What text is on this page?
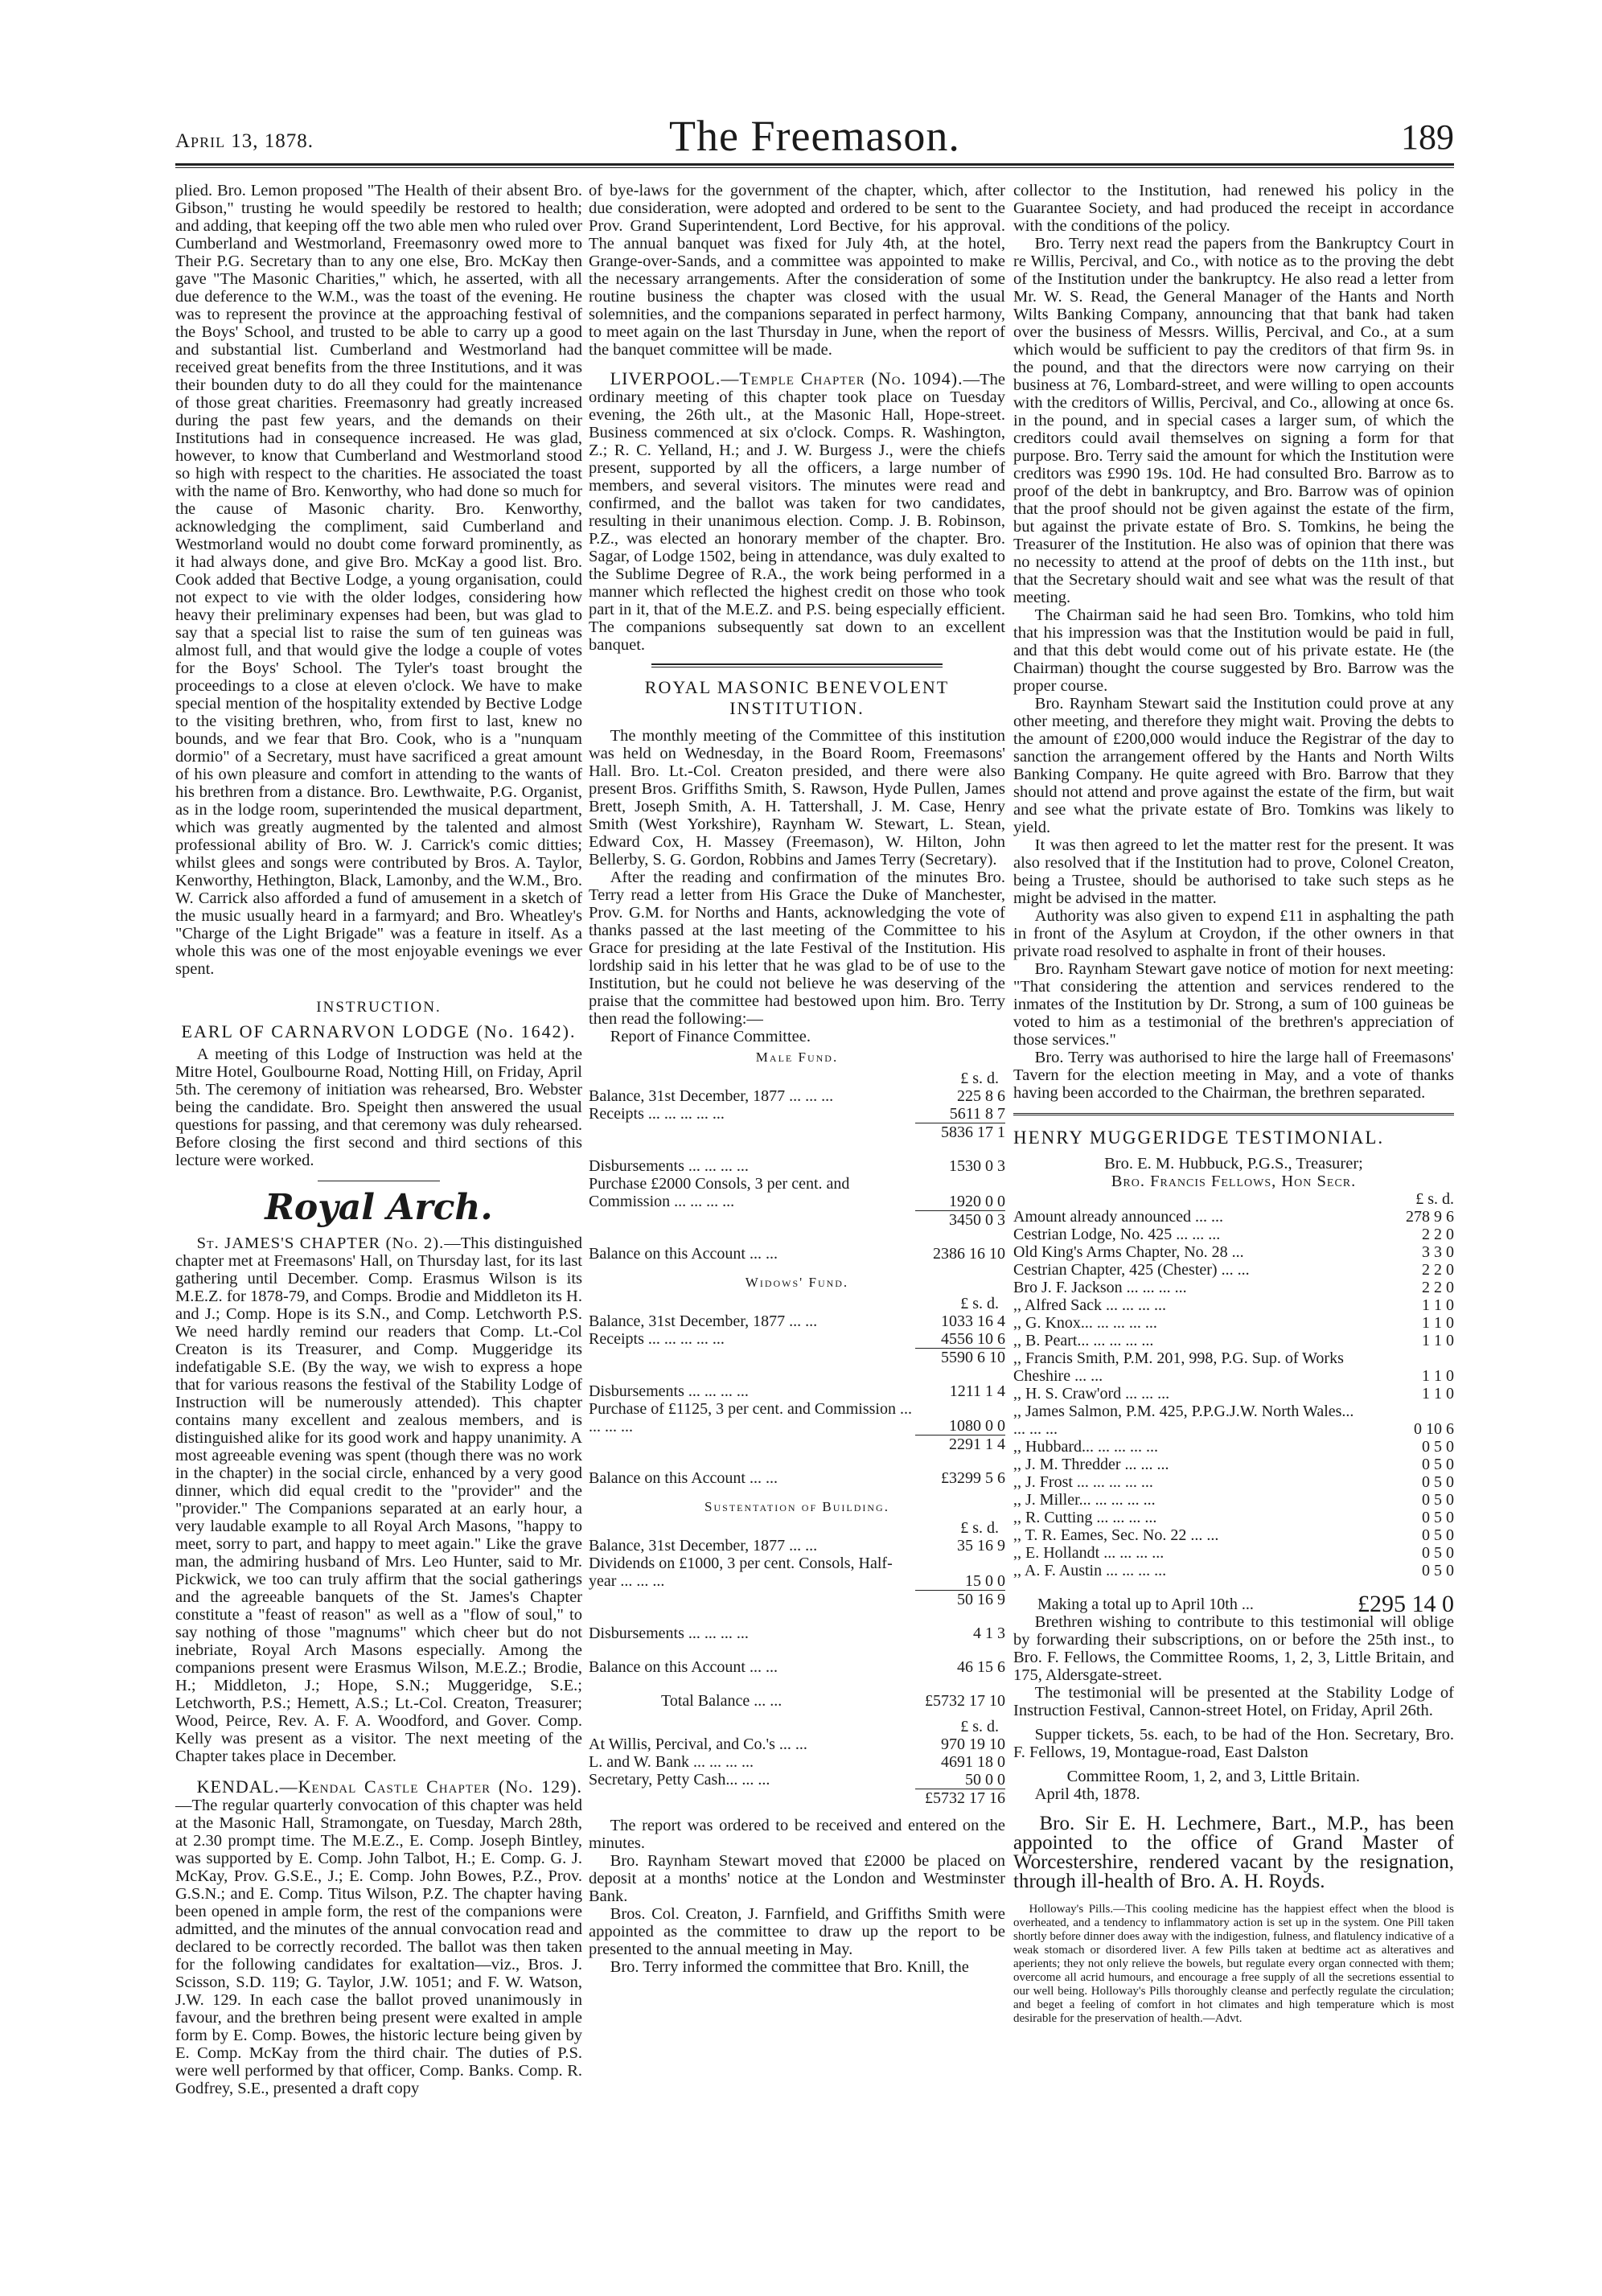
April 13, 1878.	The Freemason.	189

plied. Bro. Lemon proposed "The Health of their absent Bro. Gibson," trusting he would speedily be restored to health; and adding, that keeping off the two able men who ruled over Cumberland and Westmorland, Freemasonry owed more to Their P.G. Secretary than to any one else, Bro. McKay then gave "The Masonic Charities," which, he asserted, with all due deference to the W.M., was the toast of the evening. He was to represent the province at the approaching festival of the Boys' School, and trusted to be able to carry up a good and substantial list. Cumberland and Westmorland had received great benefits from the three Institutions, and it was their bounden duty to do all they could for the maintenance of those great charities. Freemasonry had greatly increased during the past few years, and the demands on their Institutions had in consequence increased. He was glad, however, to know that Cumberland and Westmorland stood so high with respect to the charities. He associated the toast with the name of Bro. Kenworthy, who had done so much for the cause of Masonic charity. Bro. Kenworthy, acknowledging the compliment, said Cumberland and Westmorland would no doubt come forward prominently, as it had always done, and give Bro. McKay a good list. Bro. Cook added that Bective Lodge, a young organisation, could not expect to vie with the older lodges, considering how heavy their preliminary expenses had been, but was glad to say that a special list to raise the sum of ten guineas was almost full, and that would give the lodge a couple of votes for the Boys' School. The Tyler's toast brought the proceedings to a close at eleven o'clock. We have to make special mention of the hospitality extended by Bective Lodge to the visiting brethren, who, from first to last, knew no bounds, and we fear that Bro. Cook, who is a "nunquam dormio" of a Secretary, must have sacrificed a great amount of his own pleasure and comfort in attending to the wants of his brethren from a distance. Bro. Lewthwaite, P.G. Organist, as in the lodge room, superintended the musical department, which was greatly augmented by the talented and almost professional ability of Bro. W. J. Carrick's comic ditties; whilst glees and songs were contributed by Bros. A. Taylor, Kenworthy, Hethington, Black, Lamonby, and the W.M., Bro. W. Carrick also afforded a fund of amusement in a sketch of the music usually heard in a farmyard; and Bro. Wheatley's "Charge of the Light Brigade" was a feature in itself. As a whole this was one of the most enjoyable evenings we ever spent.

INSTRUCTION.
EARL OF CARNARVON LODGE (No. 1642).

A meeting of this Lodge of Instruction was held at the Mitre Hotel, Goulbourne Road, Notting Hill, on Friday, April 5th. The ceremony of initiation was rehearsed, Bro. Webster being the candidate. Bro. Speight then answered the usual questions for passing, and that ceremony was duly rehearsed. Before closing the first second and third sections of this lecture were worked.

Royal Arch.

St. JAMES'S CHAPTER (No. 2).—This distinguished chapter met at Freemasons' Hall, on Thursday last, for its last gathering until December. Comp. Erasmus Wilson is its M.E.Z. for 1878-79, and Comps. Brodie and Middleton its H. and J.; Comp. Hope is its S.N., and Comp. Letchworth P.S. We need hardly remind our readers that Comp. Lt.-Col Creaton is its Treasurer, and Comp. Muggeridge its indefatigable S.E. (By the way, we wish to express a hope that for various reasons the festival of the Stability Lodge of Instruction will be numerously attended). This chapter contains many excellent and zealous members, and is distinguished alike for its good work and happy unanimity. A most agreeable evening was spent (though there was no work in the chapter) in the social circle, enhanced by a very good dinner, which did equal credit to the "provider" and the "provider." The Companions separated at an early hour, a very laudable example to all Royal Arch Masons, "happy to meet, sorry to part, and happy to meet again." Like the grave man, the admiring husband of Mrs. Leo Hunter, said to Mr. Pickwick, we too can truly affirm that the social gatherings and the agreeable banquets of the St. James's Chapter constitute a "feast of reason" as well as a "flow of soul," to say nothing of those "magnums" which cheer but do not inebriate, Royal Arch Masons especially. Among the companions present were Erasmus Wilson, M.E.Z.; Brodie, H.; Middleton, J.; Hope, S.N.; Muggeridge, S.E.; Letchworth, P.S.; Hemett, A.S.; Lt.-Col. Creaton, Treasurer; Wood, Peirce, Rev. A. F. A. Woodford, and Gover. Comp. Kelly was present as a visitor. The next meeting of the Chapter takes place in December.

KENDAL.—Kendal Castle Chapter (No. 129).—The regular quarterly convocation of this chapter was held at the Masonic Hall, Stramongate, on Tuesday, March 28th, at 2.30 prompt time. The M.E.Z., E. Comp. Joseph Bintley, was supported by E. Comp. John Talbot, H.; E. Comp. G. J. McKay, Prov. G.S.E., J.; E. Comp. John Bowes, P.Z., Prov. G.S.N.; and E. Comp. Titus Wilson, P.Z. The chapter having been opened in ample form, the rest of the companions were admitted, and the minutes of the annual convocation read and declared to be correctly recorded. The ballot was then taken for the following candidates for exaltation—viz., Bros. J. Scisson, S.D. 119; G. Taylor, J.W. 1051; and F. W. Watson, J.W. 129. In each case the ballot proved unanimously in favour, and the brethren being present were exalted in ample form by E. Comp. Bowes, the historic lecture being given by E. Comp. McKay from the third chair. The duties of P.S. were well performed by that officer, Comp. Banks. Comp. R. Godfrey, S.E., presented a draft copy

of bye-laws for the government of the chapter, which, after due consideration, were adopted and ordered to be sent to the Prov. Grand Superintendent, Lord Bective, for his approval. The annual banquet was fixed for July 4th, at the hotel, Grange-over-Sands, and a committee was appointed to make the necessary arrangements. After the consideration of some routine business the chapter was closed with the usual solemnities, and the companions separated in perfect harmony, to meet again on the last Thursday in June, when the report of the banquet committee will be made.

LIVERPOOL.—Temple Chapter (No. 1094).—The ordinary meeting of this chapter took place on Tuesday evening, the 26th ult., at the Masonic Hall, Hope-street. Business commenced at six o'clock. Comps. R. Washington, Z.; R. C. Yelland, H.; and J. W. Burgess J., were the chiefs present, supported by all the officers, a large number of members, and several visitors. The minutes were read and confirmed, and the ballot was taken for two candidates, resulting in their unanimous election. Comp. J. B. Robinson, P.Z., was elected an honorary member of the chapter. Bro. Sagar, of Lodge 1502, being in attendance, was duly exalted to the Sublime Degree of R.A., the work being performed in a manner which reflected the highest credit on those who took part in it, that of the M.E.Z. and P.S. being especially efficient. The companions subsequently sat down to an excellent banquet.

ROYAL MASONIC BENEVOLENT INSTITUTION.

The monthly meeting of the Committee of this institution was held on Wednesday, in the Board Room, Freemasons' Hall. Bro. Lt.-Col. Creaton presided, and there were also present Bros. Griffiths Smith, S. Rawson, Hyde Pullen, James Brett, Joseph Smith, A. H. Tattershall, J. M. Case, Henry Smith (West Yorkshire), Raynham W. Stewart, L. Stean, Edward Cox, H. Massey (Freemason), W. Hilton, John Bellerby, S. G. Gordon, Robbins and James Terry (Secretary).

After the reading and confirmation of the minutes Bro. Terry read a letter from His Grace the Duke of Manchester, Prov. G.M. for Norths and Hants, acknowledging the vote of thanks passed at the last meeting of the Committee to his Grace for presiding at the late Festival of the Institution. His lordship said in his letter that he was glad to be of use to the Institution, but he could not believe he was deserving of the praise that the committee had bestowed upon him. Bro. Terry then read the following:—

Report of Finance Committee.

Male Fund.
£ s. d.
Balance, 31st December, 1877 ... ... ...	225 8 6
Receipts ... ... ... ... ...	5611 8 7
	5836 17 1

Disbursements ... ... ... ...	1530 0 3
Purchase £2000 Consols, 3 per cent. and Commission ... ... ... ...	1920 0 0
	3450 0 3

Balance on this Account ... ...	2386 16 10
Widows' Fund.
£ s. d.
Balance, 31st December, 1877 ... ...	1033 16 4
Receipts ... ... ... ... ...	4556 10 6
	5590 6 10

Disbursements ... ... ... ...	1211 1 4
Purchase of £1125, 3 per cent. and Commission ... ... ... ...	1080 0 0
	2291 1 4

Balance on this Account ... ...	£3299 5 6
Sustentation of Building.
£ s. d.
Balance, 31st December, 1877 ... ...	35 16 9
Dividends on £1000, 3 per cent. Consols, Half-year ... ... ...	15 0 0
	50 16 9

Disbursements ... ... ... ...	4 1 3

Balance on this Account ... ...	46 15 6

Total Balance ... ...	£5732 17 10
£ s. d.
At Willis, Percival, and Co.'s ... ...	970 19 10
L. and W. Bank ... ... ... ...	4691 18 0
Secretary, Petty Cash... ... ...	50 0 0
	£5732 17 16

The report was ordered to be received and entered on the minutes.

Bro. Raynham Stewart moved that £2000 be placed on deposit at a months' notice at the London and Westminster Bank.

Bros. Col. Creaton, J. Farnfield, and Griffiths Smith were appointed as the committee to draw up the report to be presented to the annual meeting in May.

Bro. Terry informed the committee that Bro. Knill, the

collector to the Institution, had renewed his policy in the Guarantee Society, and had produced the receipt in accordance with the conditions of the policy.

Bro. Terry next read the papers from the Bankruptcy Court in re Willis, Percival, and Co., with notice as to the proving the debt of the Institution under the bankruptcy. He also read a letter from Mr. W. S. Read, the General Manager of the Hants and North Wilts Banking Company, announcing that that bank had taken over the business of Messrs. Willis, Percival, and Co., at a sum which would be sufficient to pay the creditors of that firm 9s. in the pound, and that the directors were now carrying on their business at 76, Lombard-street, and were willing to open accounts with the creditors of Willis, Percival, and Co., allowing at once 6s. in the pound, and in special cases a larger sum, of which the creditors could avail themselves on signing a form for that purpose. Bro. Terry said the amount for which the Institution were creditors was £990 19s. 10d. He had consulted Bro. Barrow as to proof of the debt in bankruptcy, and Bro. Barrow was of opinion that the proof should not be given against the estate of the firm, but against the private estate of Bro. S. Tomkins, he being the Treasurer of the Institution. He also was of opinion that there was no necessity to attend at the proof of debts on the 11th inst., but that the Secretary should wait and see what was the result of that meeting.

The Chairman said he had seen Bro. Tomkins, who told him that his impression was that the Institution would be paid in full, and that this debt would come out of his private estate. He (the Chairman) thought the course suggested by Bro. Barrow was the proper course.

Bro. Raynham Stewart said the Institution could prove at any other meeting, and therefore they might wait. Proving the debts to the amount of £200,000 would induce the Registrar of the day to sanction the arrangement offered by the Hants and North Wilts Banking Company. He quite agreed with Bro. Barrow that they should not attend and prove against the estate of the firm, but wait and see what the private estate of Bro. Tomkins was likely to yield.

It was then agreed to let the matter rest for the present. It was also resolved that if the Institution had to prove, Colonel Creaton, being a Trustee, should be authorised to take such steps as he might be advised in the matter.

Authority was also given to expend £11 in asphalting the path in front of the Asylum at Croydon, if the other owners in that private road resolved to asphalte in front of their houses.

Bro. Raynham Stewart gave notice of motion for next meeting: "That considering the attention and services rendered to the inmates of the Institution by Dr. Strong, a sum of 100 guineas be voted to him as a testimonial of the brethren's appreciation of those services."

Bro. Terry was authorised to hire the large hall of Freemasons' Tavern for the election meeting in May, and a vote of thanks having been accorded to the Chairman, the brethren separated.

HENRY MUGGERIDGE TESTIMONIAL.
Bro. E. M. Hubbuck, P.G.S., Treasurer;
Bro. Francis Fellows, Hon Secr.
£ s. d.
Amount already announced ... ...	278 9 6
Cestrian Lodge, No. 425 ... ... ...	2 2 0
Old King's Arms Chapter, No. 28 ...	3 3 0
Cestrian Chapter, 425 (Chester) ... ...	2 2 0
Bro J. F. Jackson ... ... ... ...	2 2 0
,, Alfred Sack ... ... ... ...	1 1 0
,, G. Knox... ... ... ... ...	1 1 0
,, B. Peart... ... ... ... ...	1 1 0
,, Francis Smith, P.M. 201, 998, P.G. Sup. of Works Cheshire ... ...	1 1 0
,, H. S. Craw'ord ... ... ...	1 1 0
,, James Salmon, P.M. 425, P.P.G.J.W. North Wales... ... ... ...	0 10 6
,, Hubbard... ... ... ... ...	0 5 0
,, J. M. Thredder ... ... ...	0 5 0
,, J. Frost ... ... ... ... ...	0 5 0
,, J. Miller... ... ... ... ...	0 5 0
,, R. Cutting ... ... ... ...	0 5 0
,, T. R. Eames, Sec. No. 22 ... ...	0 5 0
,, E. Hollandt ... ... ... ...	0 5 0
,, A. F. Austin ... ... ... ...	0 5 0

Making a total up to April 10th ...	£295 14 0

Brethren wishing to contribute to this testimonial will oblige by forwarding their subscriptions, on or before the 25th inst., to Bro. F. Fellows, the Committee Rooms, 1, 2, 3, Little Britain, and 175, Aldersgate-street.

The testimonial will be presented at the Stability Lodge of Instruction Festival, Cannon-street Hotel, on Friday, April 26th.

Supper tickets, 5s. each, to be had of the Hon. Secretary, Bro. F. Fellows, 19, Montague-road, East Dalston

Committee Room, 1, 2, and 3, Little Britain.

April 4th, 1878.

Bro. Sir E. H. Lechmere, Bart., M.P., has been appointed to the office of Grand Master of Worcestershire, rendered vacant by the resignation, through ill-health of Bro. A. H. Royds.

Holloway's Pills.—This cooling medicine has the happiest effect when the blood is overheated, and a tendency to inflammatory action is set up in the system. One Pill taken shortly before dinner does away with the indigestion, fulness, and flatulency indicative of a weak stomach or disordered liver. A few Pills taken at bedtime act as alteratives and aperients; they not only relieve the bowels, but regulate every organ connected with them; overcome all acrid humours, and encourage a free supply of all the secretions essential to our well being. Holloway's Pills thoroughly cleanse and perfectly regulate the circulation; and beget a feeling of comfort in hot climates and high temperature which is most desirable for the preservation of health.—Advt.
